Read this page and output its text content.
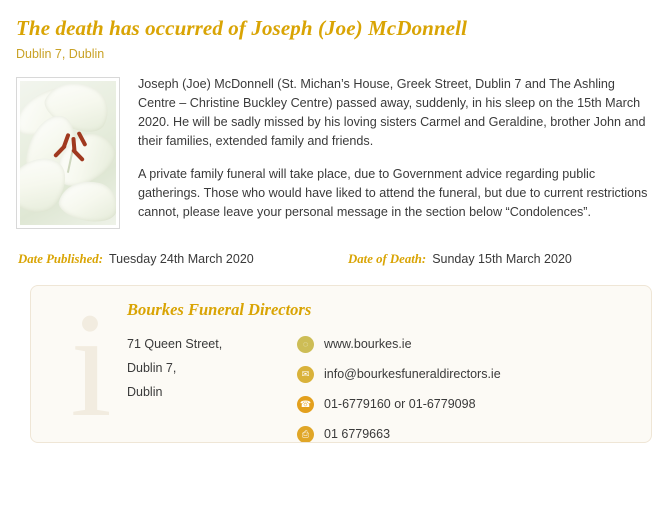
The death has occurred of Joseph (Joe) McDonnell
Dublin 7, Dublin

Joseph (Joe) McDonnell (St. Michan’s House, Greek Street, Dublin 7 and The Ashling Centre – Christine Buckley Centre) passed away, suddenly, in his sleep on the 15th March 2020. He will be sadly missed by his loving sisters Carmel and Geraldine, brother John and their families, extended family and friends.

A private family funeral will take place, due to Government advice regarding public gatherings. Those who would have liked to attend the funeral, but due to current restrictions cannot, please leave your personal message in the section below “Condolences”.

Date Published: Tuesday 24th March 2020	Date of Death: Sunday 15th March 2020
i Bourkes Funeral Directors
71 Queen Street,
Dublin 7,
Dublin
◌	www.bourkes.ie
✉	info@bourkesfuneraldirectors.ie
☎ 01-6779160 or 01-6779098
⎙	01 6779663
